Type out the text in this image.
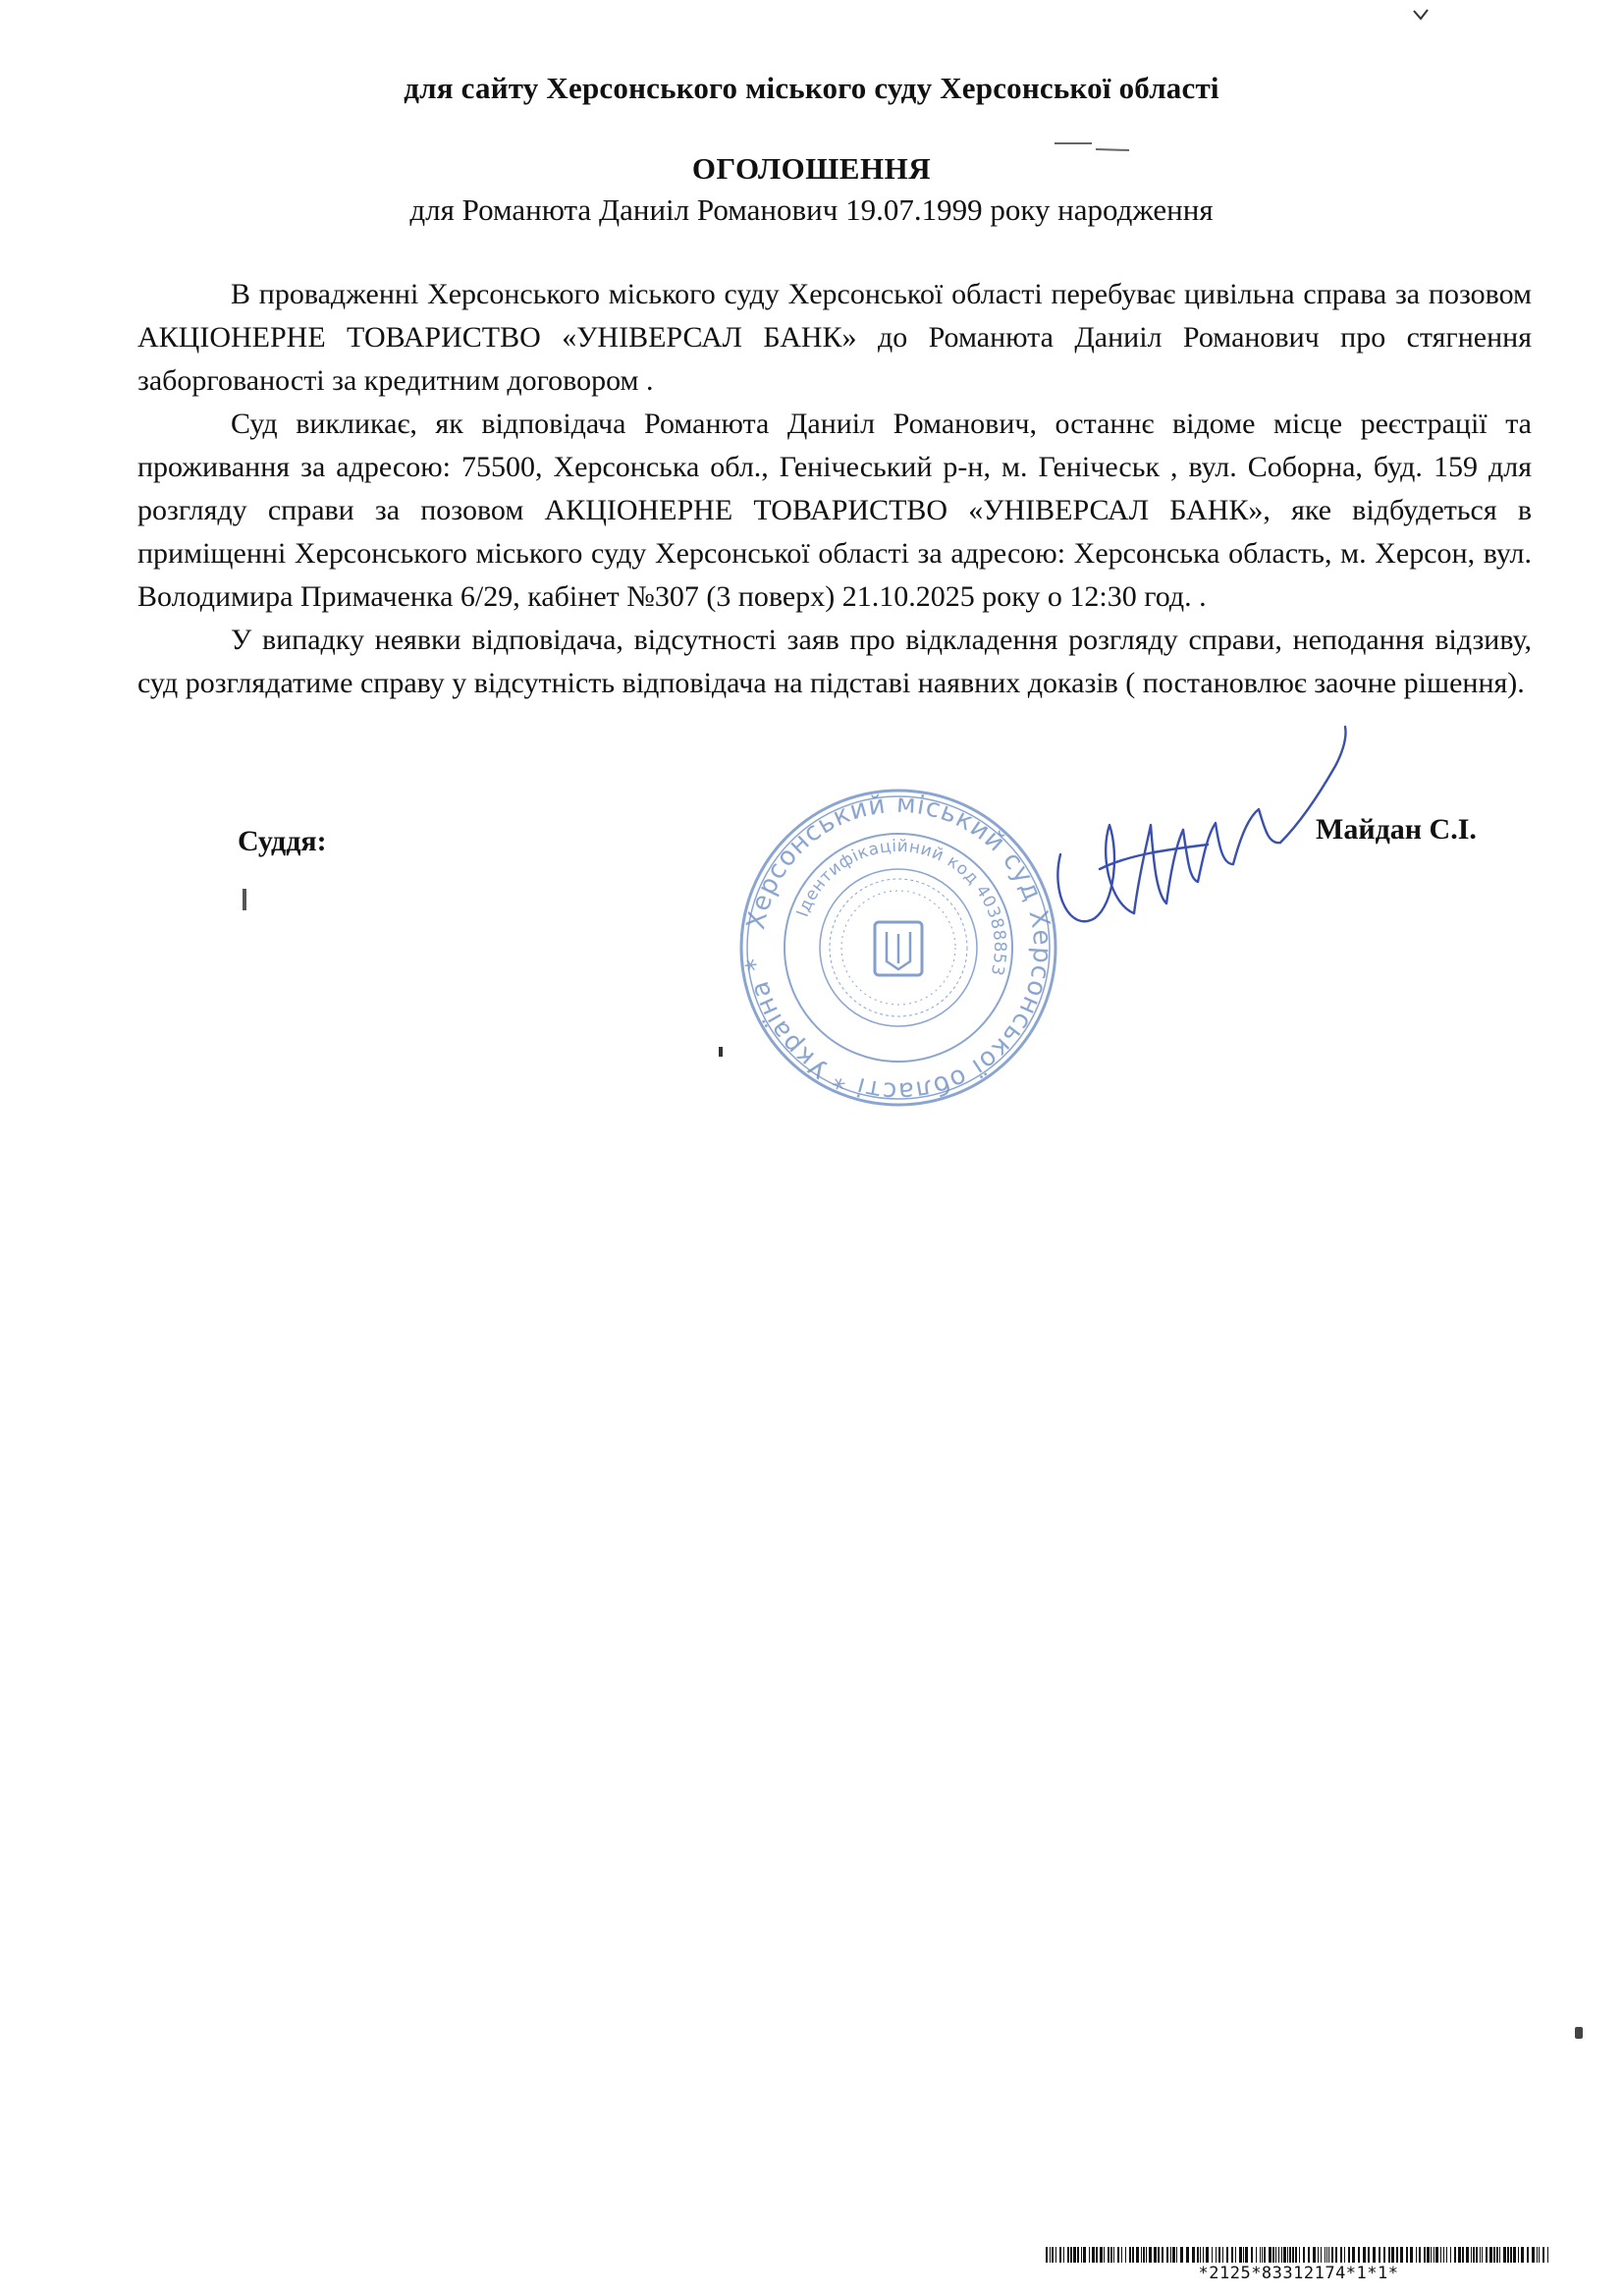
для сайту Херсонського міського суду Херсонської області
ОГОЛОШЕННЯ
для Романюта Даниіл Романович 19.07.1999 року народження

В провадженні Херсонського міського суду Херсонської області перебуває цивільна справа за позовом АКЦІОНЕРНЕ ТОВАРИСТВО «УНІВЕРСАЛ БАНК» до Романюта Даниіл Романович про стягнення заборгованості за кредитним договором .

Суд викликає, як відповідача Романюта Даниіл Романович, останнє відоме місце реєстрації та проживання за адресою: 75500, Херсонська обл., Генічеський р-н, м. Генічеськ , вул. Соборна, буд. 159 для розгляду справи за позовом АКЦІОНЕРНЕ ТОВАРИСТВО «УНІВЕРСАЛ БАНК», яке відбудеться в приміщенні Херсонського міського суду Херсонської області за адресою: Херсонська область, м. Херсон, вул. Володимира Примаченка 6/29, кабінет №307 (3 поверх) 21.10.2025 року о 12:30 год. .

У випадку неявки відповідача, відсутності заяв про відкладення розгляду справи, неподання відзиву, суд розглядатиме справу у відсутність відповідача на підставі наявних доказів ( постановлює заочне рішення).

Суддя:
Херсонський міський суд Херсонської області * Україна *
Ідентифікаційний код 40388853
Майдан С.І.
*2125*83312174*1*1*
